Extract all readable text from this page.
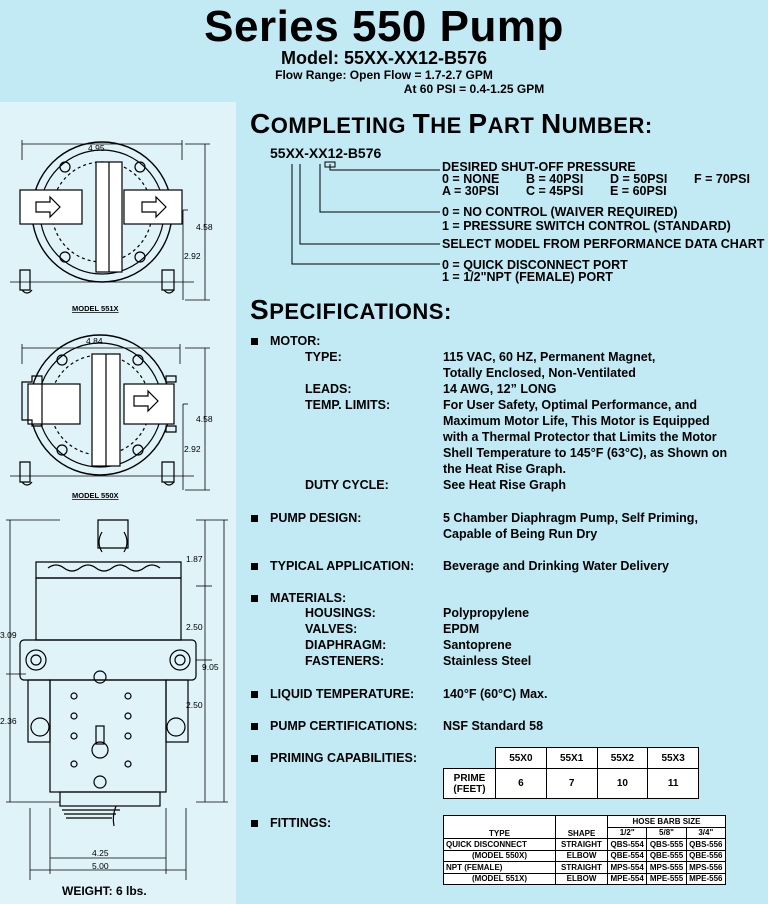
Series 550 Pump
Model: 55XX-XX12-B576
Flow Range: Open Flow = 1.7-2.7 GPM
At 60 PSI = 0.4-1.25 GPM
4.95
4.58
2.92
MODEL 551X
4.84
4.58
2.92
MODEL 550X
1.87
2.50
9.05
2.50
3.09
2.36
4.25
5.00
WEIGHT: 6 lbs.
COMPLETING THE PART NUMBER:
55XX-XX12-B576
DESIRED SHUT-OFF PRESSURE
0 = NONE B = 40PSI D = 50PSI F = 70PSI
A = 30PSI C = 45PSI E = 60PSI
0 = NO CONTROL (WAIVER REQUIRED)
1 = PRESSURE SWITCH CONTROL (STANDARD)
SELECT MODEL FROM PERFORMANCE DATA CHART
0 = QUICK DISCONNECT PORT
1 = 1/2"NPT (FEMALE) PORT
SPECIFICATIONS:
MOTOR:
TYPE:	115 VAC, 60 HZ, Permanent Magnet,
Totally Enclosed, Non-Ventilated
LEADS:	14 AWG, 12” LONG
TEMP. LIMITS:	For User Safety, Optimal Performance, and
Maximum Motor Life, This Motor is Equipped
with a Thermal Protector that Limits the Motor
Shell Temperature to 145°F (63°C), as Shown on
the Heat Rise Graph.
DUTY CYCLE:	See Heat Rise Graph
PUMP DESIGN:	5 Chamber Diaphragm Pump, Self Priming,
Capable of Being Run Dry
TYPICAL APPLICATION: Beverage and Drinking Water Delivery
MATERIALS:
HOUSINGS:	Polypropylene
VALVES:	EPDM
DIAPHRAGM:	Santoprene
FASTENERS:	Stainless Steel
LIQUID TEMPERATURE: 140°F (60°C) Max.
PUMP CERTIFICATIONS: NSF Standard 58
PRIMING CAPABILITIES:
		55X0	55X1	55X2	55X3
PRIME
(FEET)	6	7	10	11
FITTINGS:
TYPE	SHAPE	HOSE BARB SIZE		
		1/2"	5/8"	3/4"
QUICK DISCONNECT	STRAIGHT	QBS-554	QBS-555	QBS-556
(MODEL 550X)	ELBOW	QBE-554	QBE-555	QBE-556
NPT (FEMALE)	STRAIGHT	MPS-554	MPS-555	MPS-556
(MODEL 551X)	ELBOW	MPE-554	MPE-555	MPE-556
